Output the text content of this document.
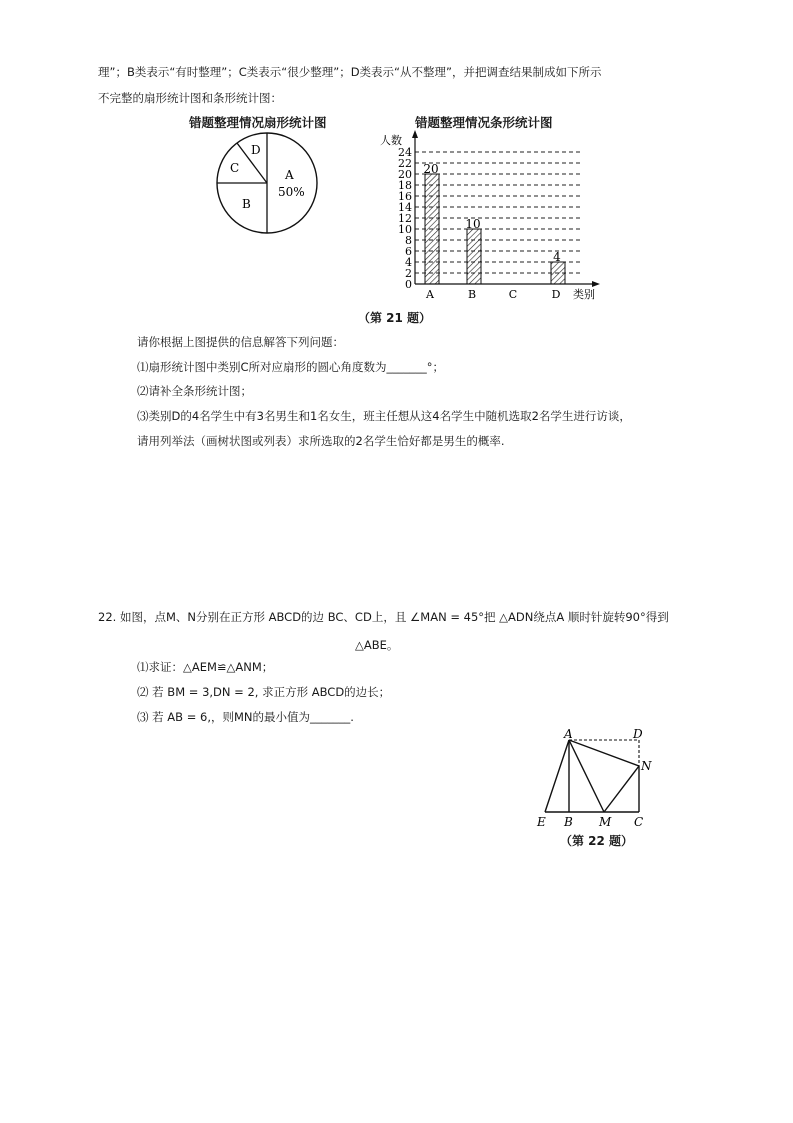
理”；B类表示“有时整理”；C类表示“很少整理”；D类表示“从不整理”，并把调查结果制成如下所示
不完整的扇形统计图和条形统计图：
错题整理情况扇形统计图	错题整理情况条形统计图
A
50%
B
C
D
人数
0
2
4
6
8
10
12
14
16
18
20
22
24
20
10
4
A	B	C	D 类别
（第 21 题）
请你根据上图提供的信息解答下列问题：
⑴扇形统计图中类别C所对应扇形的圆心角度数为_______°；
⑵请补全条形统计图；
⑶类别D的4名学生中有3名男生和1名女生，班主任想从这4名学生中随机选取2名学生进行访谈，
请用列举法（画树状图或列表）求所选取的2名学生恰好都是男生的概率.
22. 如图，点M、N分别在正方形 ABCD的边 BC、CD上，且 ∠MAN = 45°把 △ADN绕点A 顺时针旋转90°得到
△ABE。
⑴求证：△AEM≌△ANM；
⑵ 若 BM = 3,DN = 2, 求正方形 ABCD的边长；
⑶ 若 AB = 6,，则MN的最小值为_______.
A	D
N
E B M C
（第 22 题）
